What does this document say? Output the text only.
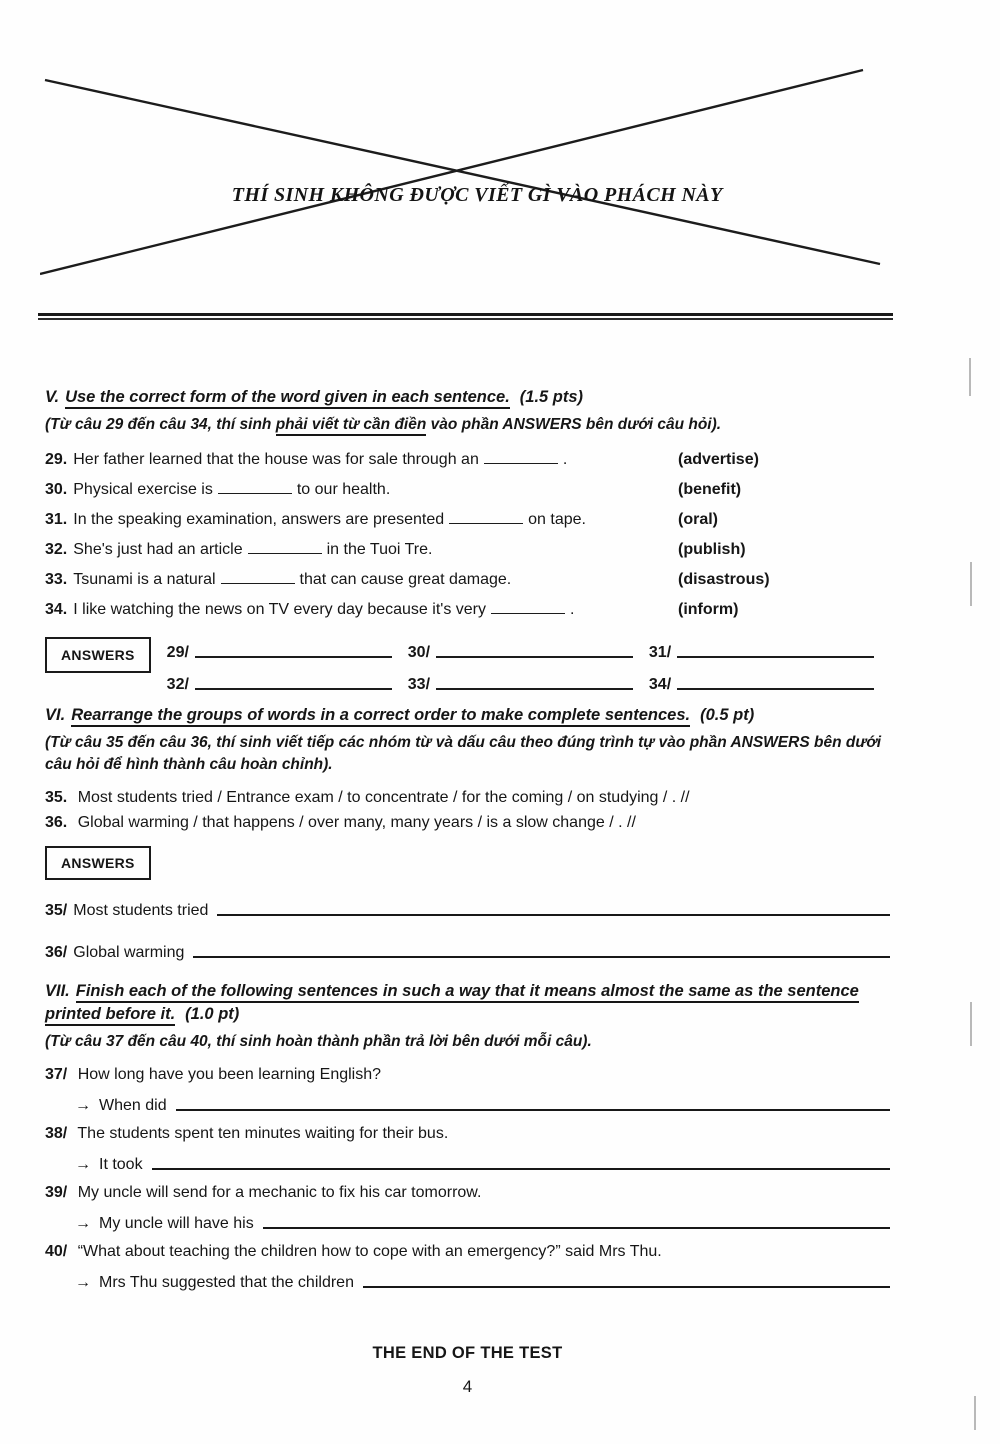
THÍ SINH KHÔNG ĐƯỢC VIẾT GÌ VÀO PHÁCH NÀY
V. Use the correct form of the word given in each sentence. (1.5 pts)
(Từ câu 29 đến câu 34, thí sinh phải viết từ cần điền vào phần ANSWERS bên dưới câu hỏi).
29. Her father learned that the house was for sale through an	.	(advertise)
30. Physical exercise is	to our health.	(benefit)
31. In the speaking examination, answers are presented	on tape.	(oral)
32. She's just had an article	in the Tuoi Tre.	(publish)
33. Tsunami is a natural	that can cause great damage.	(disastrous)
34. I like watching the news on TV every day because it's very	.	(inform)
ANSWERS	29/	30/	31/
32/	33/	34/
VI. Rearrange the groups of words in a correct order to make complete sentences. (0.5 pt)
(Từ câu 35 đến câu 36, thí sinh viết tiếp các nhóm từ và dấu câu theo đúng trình tự vào phần ANSWERS bên dưới câu hỏi để hình thành câu hoàn chỉnh).
35. Most students tried / Entrance exam / to concentrate / for the coming / on studying / . //
36. Global warming / that happens / over many, many years / is a slow change / . //
ANSWERS
35/ Most students tried
36/ Global warming
VII. Finish each of the following sentences in such a way that it means almost the same as the sentence printed before it. (1.0 pt)
(Từ câu 37 đến câu 40, thí sinh hoàn thành phần trả lời bên dưới mỗi câu).
37/ How long have you been learning English?
→ When did
38/ The students spent ten minutes waiting for their bus.
→ It took
39/ My uncle will send for a mechanic to fix his car tomorrow.
→ My uncle will have his
40/ “What about teaching the children how to cope with an emergency?” said Mrs Thu.
→ Mrs Thu suggested that the children
THE END OF THE TEST
4
